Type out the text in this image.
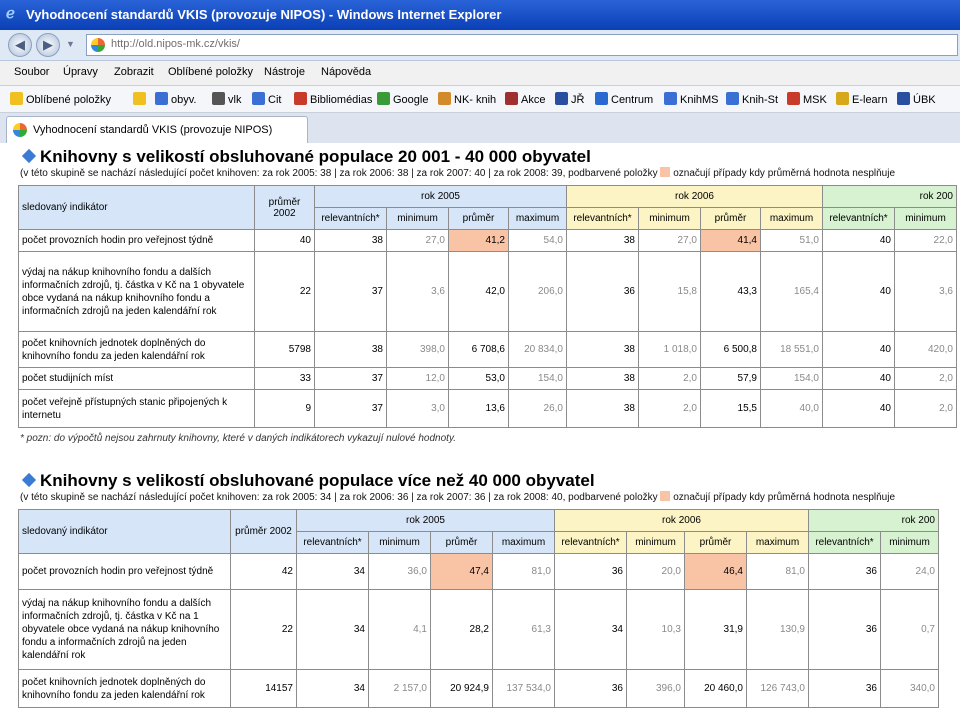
ℯ Vyhodnocení standardů VKIS (provozuje NIPOS) - Windows Internet Explorer
◀	▶	▼	http://old.nipos-mk.cz/vkis/
Soubor Úpravy Zobrazit Oblíbené položky Nástroje Nápověda
Oblíbené položky	obyv.	vlk	Cit	Bibliomédias	Google	NK- knih	Akce	JŘ	Centrum	KnihMS	Knih-St	MSK	E-learn	ÚBK
Vyhodnocení standardů VKIS (provozuje NIPOS)
Knihovny s velikostí obsluhované populace 20 001 - 40 000 obyvatel
(v této skupině se nachází následující počet knihoven: za rok 2005: 38 | za rok 2006: 38 | za rok 2007: 40 | za rok 2008: 39, podbarvené položky označují případy kdy průměrná hodnota nesplňuje
sledovaný indikátor	průměr 2002	rok 2005				rok 2006				rok 200	
		relevantních*	minimum	průměr	maximum	relevantních*	minimum	průměr	maximum	relevantních*	minimum
počet provozních hodin pro veřejnost týdně	40	38	27,0	41,2	54,0	38	27,0	41,4	51,0	40	22,0
výdaj na nákup knihovního fondu a dalších informačních zdrojů, tj. částka v Kč na 1 obyvatele obce vydaná na nákup knihovního fondu a informačních zdrojů na jeden kalendářní rok	22	37	3,6	42,0	206,0	36	15,8	43,3	165,4	40	3,6
počet knihovních jednotek doplněných do knihovního fondu za jeden kalendářní rok	5798	38	398,0	6 708,6	20 834,0	38	1 018,0	6 500,8	18 551,0	40	420,0
počet studijních míst	33	37	12,0	53,0	154,0	38	2,0	57,9	154,0	40	2,0
počet veřejně přístupných stanic připojených k internetu	9	37	3,0	13,6	26,0	38	2,0	15,5	40,0	40	2,0
* pozn: do výpočtů nejsou zahrnuty knihovny, které v daných indikátorech vykazují nulové hodnoty.
Knihovny s velikostí obsluhované populace více než 40 000 obyvatel
(v této skupině se nachází následující počet knihoven: za rok 2005: 34 | za rok 2006: 36 | za rok 2007: 36 | za rok 2008: 40, podbarvené položky označují případy kdy průměrná hodnota nesplňuje
sledovaný indikátor	průměr 2002	rok 2005				rok 2006				rok 200	
		relevantních*	minimum	průměr	maximum	relevantních*	minimum	průměr	maximum	relevantních*	minimum
počet provozních hodin pro veřejnost týdně	42	34	36,0	47,4	81,0	36	20,0	46,4	81,0	36	24,0
výdaj na nákup knihovního fondu a dalších informačních zdrojů, tj. částka v Kč na 1 obyvatele obce vydaná na nákup knihovního fondu a informačních zdrojů na jeden kalendářní rok	22	34	4,1	28,2	61,3	34	10,3	31,9	130,9	36	0,7
počet knihovních jednotek doplněných do knihovního fondu za jeden kalendářní rok	14157	34	2 157,0	20 924,9	137 534,0	36	396,0	20 460,0	126 743,0	36	340,0
